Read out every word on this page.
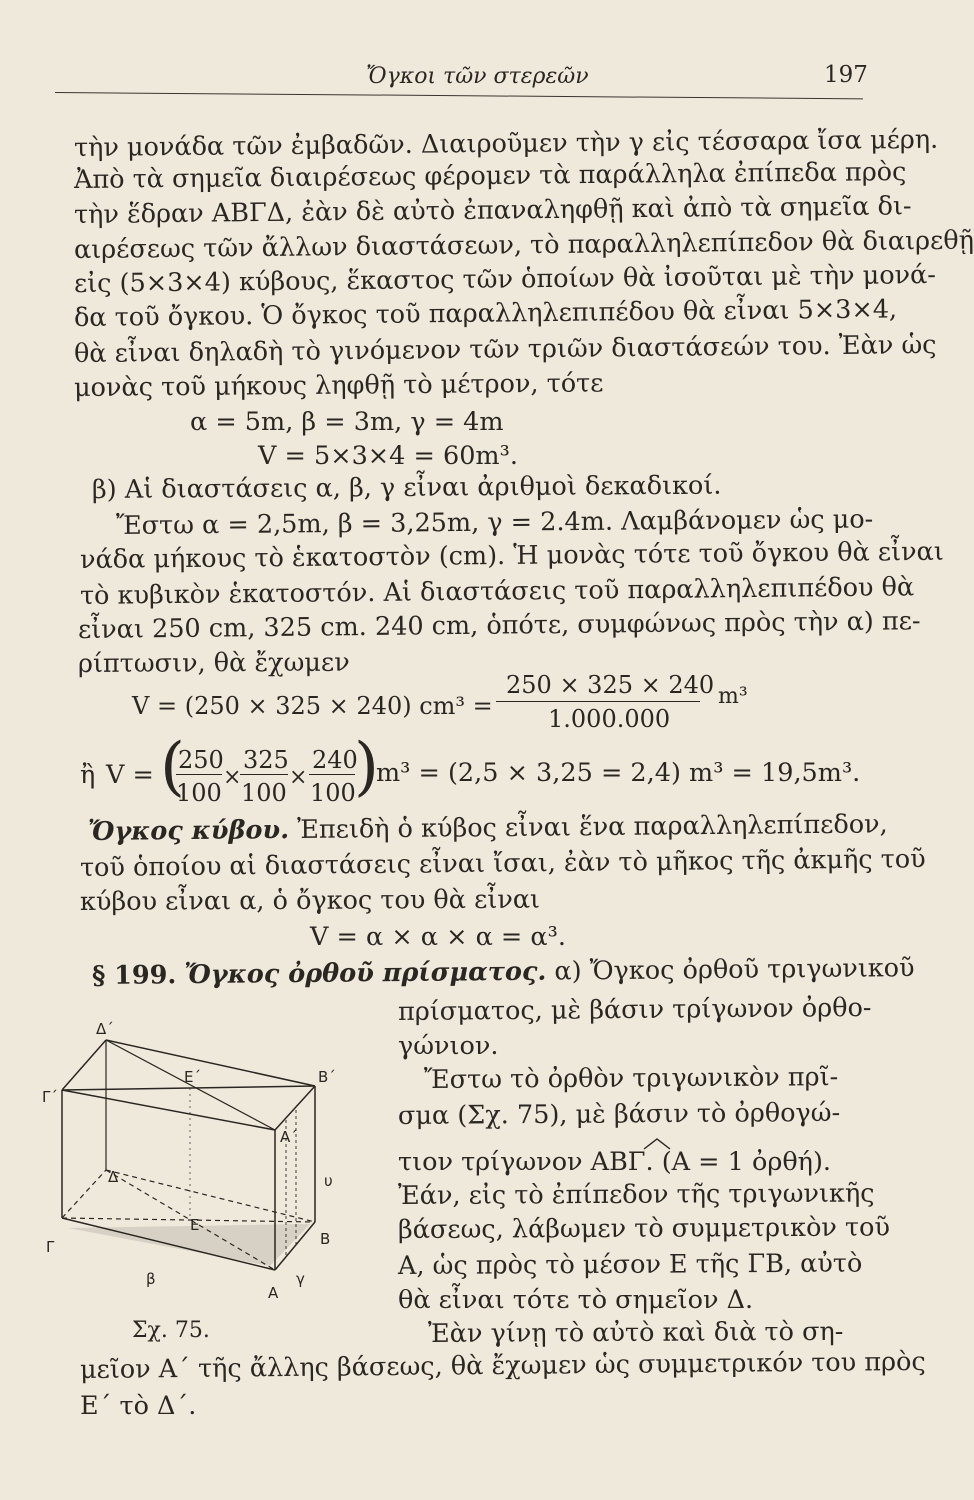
Ὄγκοι τῶν στερεῶν	197
τὴν μονάδα τῶν ἐμβαδῶν. Διαιροῦμεν τὴν γ εἰς τέσσαρα ἴσα μέρη.
Ἀπὸ τὰ σημεῖα διαιρέσεως φέρομεν τὰ παράλληλα ἐπίπεδα πρὸς
τὴν ἕδραν ΑΒΓΔ, ἐὰν δὲ αὐτὸ ἐπαναληφθῇ καὶ ἀπὸ τὰ σημεῖα δι-
αιρέσεως τῶν ἄλλων διαστάσεων, τὸ παραλληλεπίπεδον θὰ διαιρεθῇ
εἰς (5×3×4) κύβους, ἕκαστος τῶν ὁποίων θὰ ἰσοῦται μὲ τὴν μονά-
δα τοῦ ὄγκου. Ὁ ὄγκος τοῦ παραλληλεπιπέδου θὰ εἶναι 5×3×4,
θὰ εἶναι δηλαδὴ τὸ γινόμενον τῶν τριῶν διαστάσεών του. Ἐὰν ὡς
μονὰς τοῦ μήκους ληφθῇ τὸ μέτρον, τότε
α = 5m, β = 3m, γ = 4m
V = 5×3×4 = 60m³.
β) Αἱ διαστάσεις α, β, γ εἶναι ἀριθμοὶ δεκαδικοί.
Ἔστω α = 2,5m, β = 3,25m, γ = 2.4m. Λαμβάνομεν ὡς μο-
νάδα μήκους τὸ ἑκατοστὸν (cm). Ἡ μονὰς τότε τοῦ ὄγκου θὰ εἶναι
τὸ κυβικὸν ἑκατοστόν. Αἱ διαστάσεις τοῦ παραλληλεπιπέδου θὰ
εἶναι 250 cm, 325 cm. 240 cm, ὁπότε, συμφώνως πρὸς τὴν α) πε-
ρίπτωσιν, θὰ ἔχωμεν
250 × 325 × 240
V = (250 × 325 × 240) cm³ = 1.000.000
m³
ἢ V = (
250
100
×
325
100
×
240
100
)
m³ = (2,5 × 3,25 = 2,4) m³ = 19,5m³.
Ὄγκος κύβου. Ἐπειδὴ ὁ κύβος εἶναι ἕνα παραλληλεπίπεδον,
τοῦ ὁποίου αἱ διαστάσεις εἶναι ἴσαι, ἐὰν τὸ μῆκος τῆς ἀκμῆς τοῦ
κύβου εἶναι α, ὁ ὄγκος του θὰ εἶναι
V = α × α × α = α³.
§ 199. Ὄγκος ὀρθοῦ πρίσματος. α) Ὄγκος ὀρθοῦ τριγωνικοῦ
πρίσματος, μὲ βάσιν τρίγωνον ὀρθο-
γώνιον.
Ἔστω τὸ ὀρθὸν τριγωνικὸν πρῖ-
σμα (Σχ. 75), μὲ βάσιν τὸ ὀρθογώ-
τιον τρίγωνον ΑΒΓ. (Α = 1 ὀρθή).
Ἐάν, εἰς τὸ ἐπίπεδον τῆς τριγωνικῆς
βάσεως, λάβωμεν τὸ συμμετρικὸν τοῦ
Α, ὡς πρὸς τὸ μέσον Ε τῆς ΓΒ, αὐτὸ
θὰ εἶναι τότε τὸ σημεῖον Δ.
Ἐὰν γίνῃ τὸ αὐτὸ καὶ διὰ τὸ ση-
μεῖον Α΄ τῆς ἄλλης βάσεως, θὰ ἔχωμεν ὡς συμμετρικόν του πρὸς
Ε΄ τὸ Δ΄.
Δ΄
Γ΄
Ε΄	Β΄
Α΄
Δ
Ε
Γ	Β
Α
υ
γ
β
Σχ. 75.
